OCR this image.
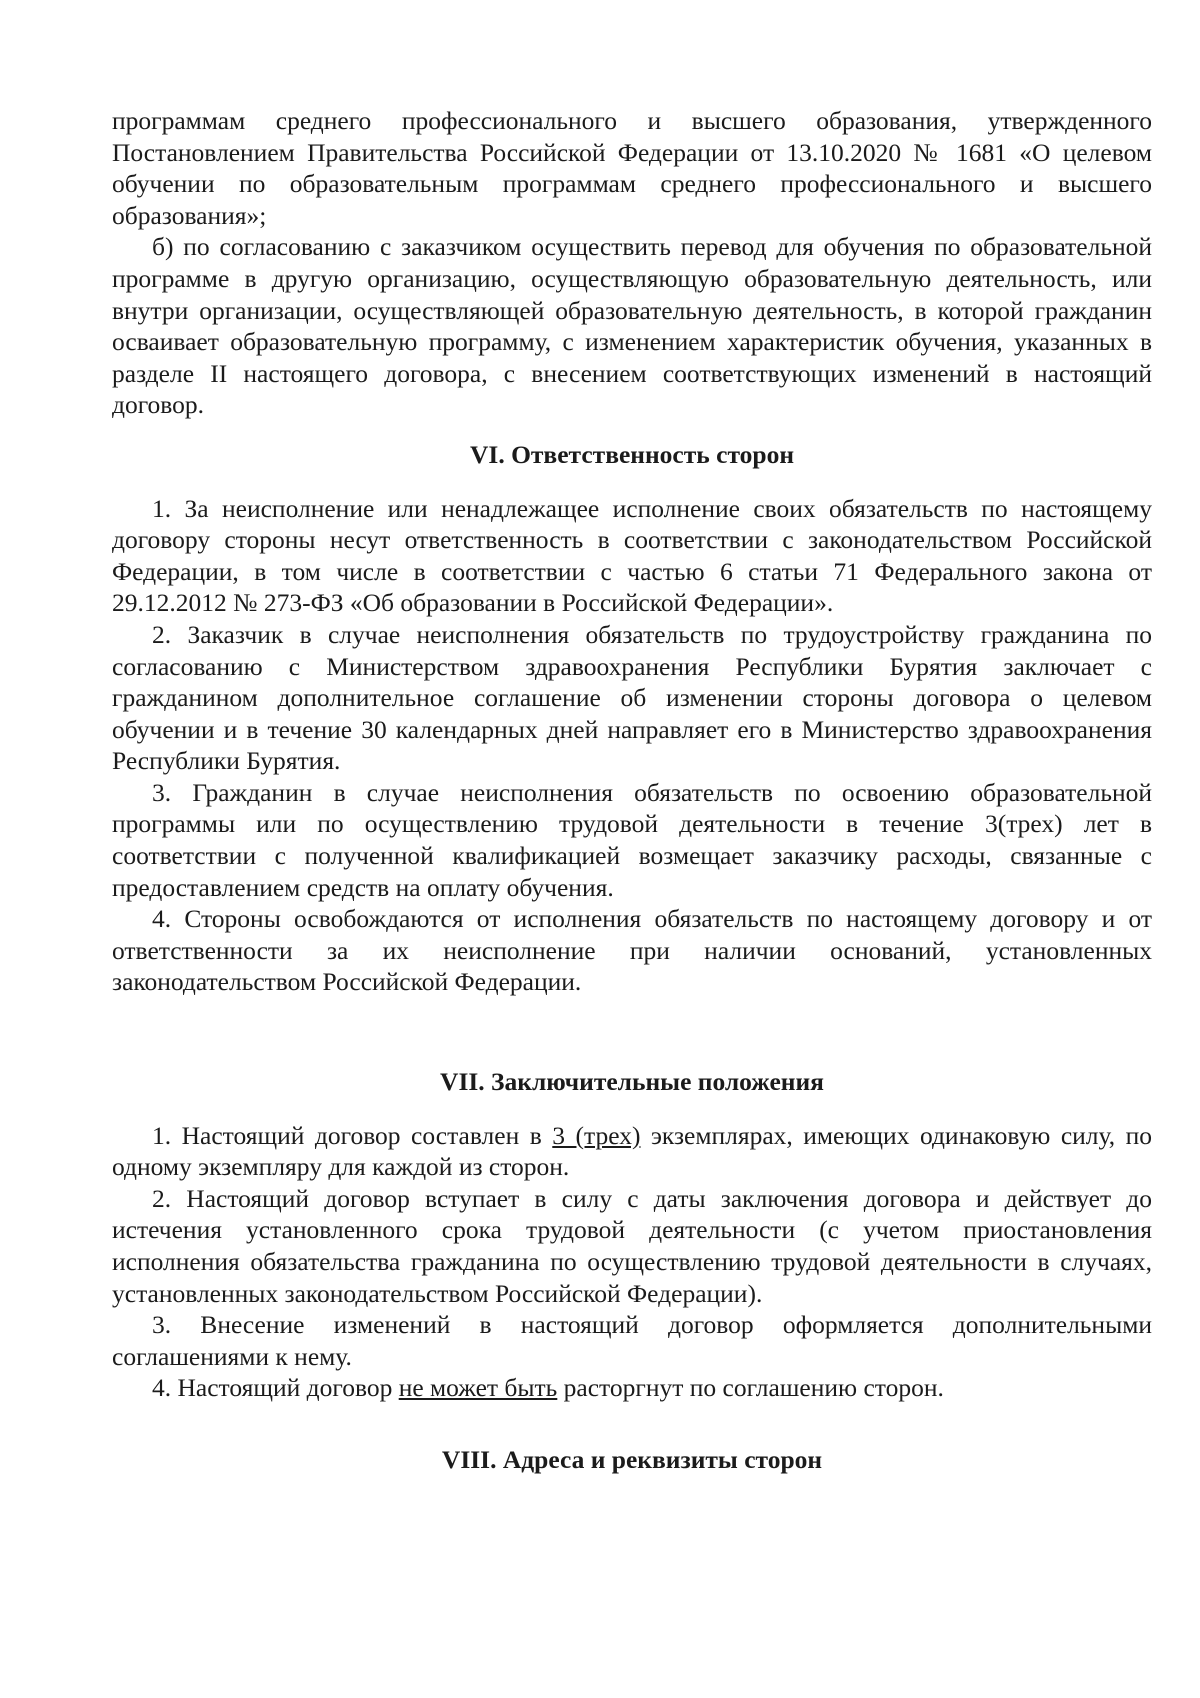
программам среднего профессионального и высшего образования, утвержденного Постановлением Правительства Российской Федерации от 13.10.2020 № 1681 «О целевом обучении по образовательным программам среднего профессионального и высшего образования»;

б) по согласованию с заказчиком осуществить перевод для обучения по образовательной программе в другую организацию, осуществляющую образовательную деятельность, или внутри организации, осуществляющей образовательную деятельность, в которой гражданин осваивает образовательную программу, с изменением характеристик обучения, указанных в разделе II настоящего договора, с внесением соответствующих изменений в настоящий договор.

VI. Ответственность сторон

1. За неисполнение или ненадлежащее исполнение своих обязательств по настоящему договору стороны несут ответственность в соответствии с законодательством Российской Федерации, в том числе в соответствии с частью 6 статьи 71 Федерального закона от 29.12.2012 № 273-ФЗ «Об образовании в Российской Федерации».

2. Заказчик в случае неисполнения обязательств по трудоустройству гражданина по согласованию с Министерством здравоохранения Республики Бурятия заключает с гражданином дополнительное соглашение об изменении стороны договора о целевом обучении и в течение 30 календарных дней направляет его в Министерство здравоохранения Республики Бурятия.

3. Гражданин в случае неисполнения обязательств по освоению образовательной программы или по осуществлению трудовой деятельности в течение 3(трех) лет в соответствии с полученной квалификацией возмещает заказчику расходы, связанные с предоставлением средств на оплату обучения.

4. Стороны освобождаются от исполнения обязательств по настоящему договору и от ответственности за их неисполнение при наличии оснований, установленных законодательством Российской Федерации.

VII. Заключительные положения

1. Настоящий договор составлен в 3 (трех) экземплярах, имеющих одинаковую силу, по одному экземпляру для каждой из сторон.

2. Настоящий договор вступает в силу с даты заключения договора и действует до истечения установленного срока трудовой деятельности (с учетом приостановления исполнения обязательства гражданина по осуществлению трудовой деятельности в случаях, установленных законодательством Российской Федерации).

3. Внесение изменений в настоящий договор оформляется дополнительными соглашениями к нему.

4. Настоящий договор не может быть расторгнут по соглашению сторон.

VIII. Адреса и реквизиты сторон
